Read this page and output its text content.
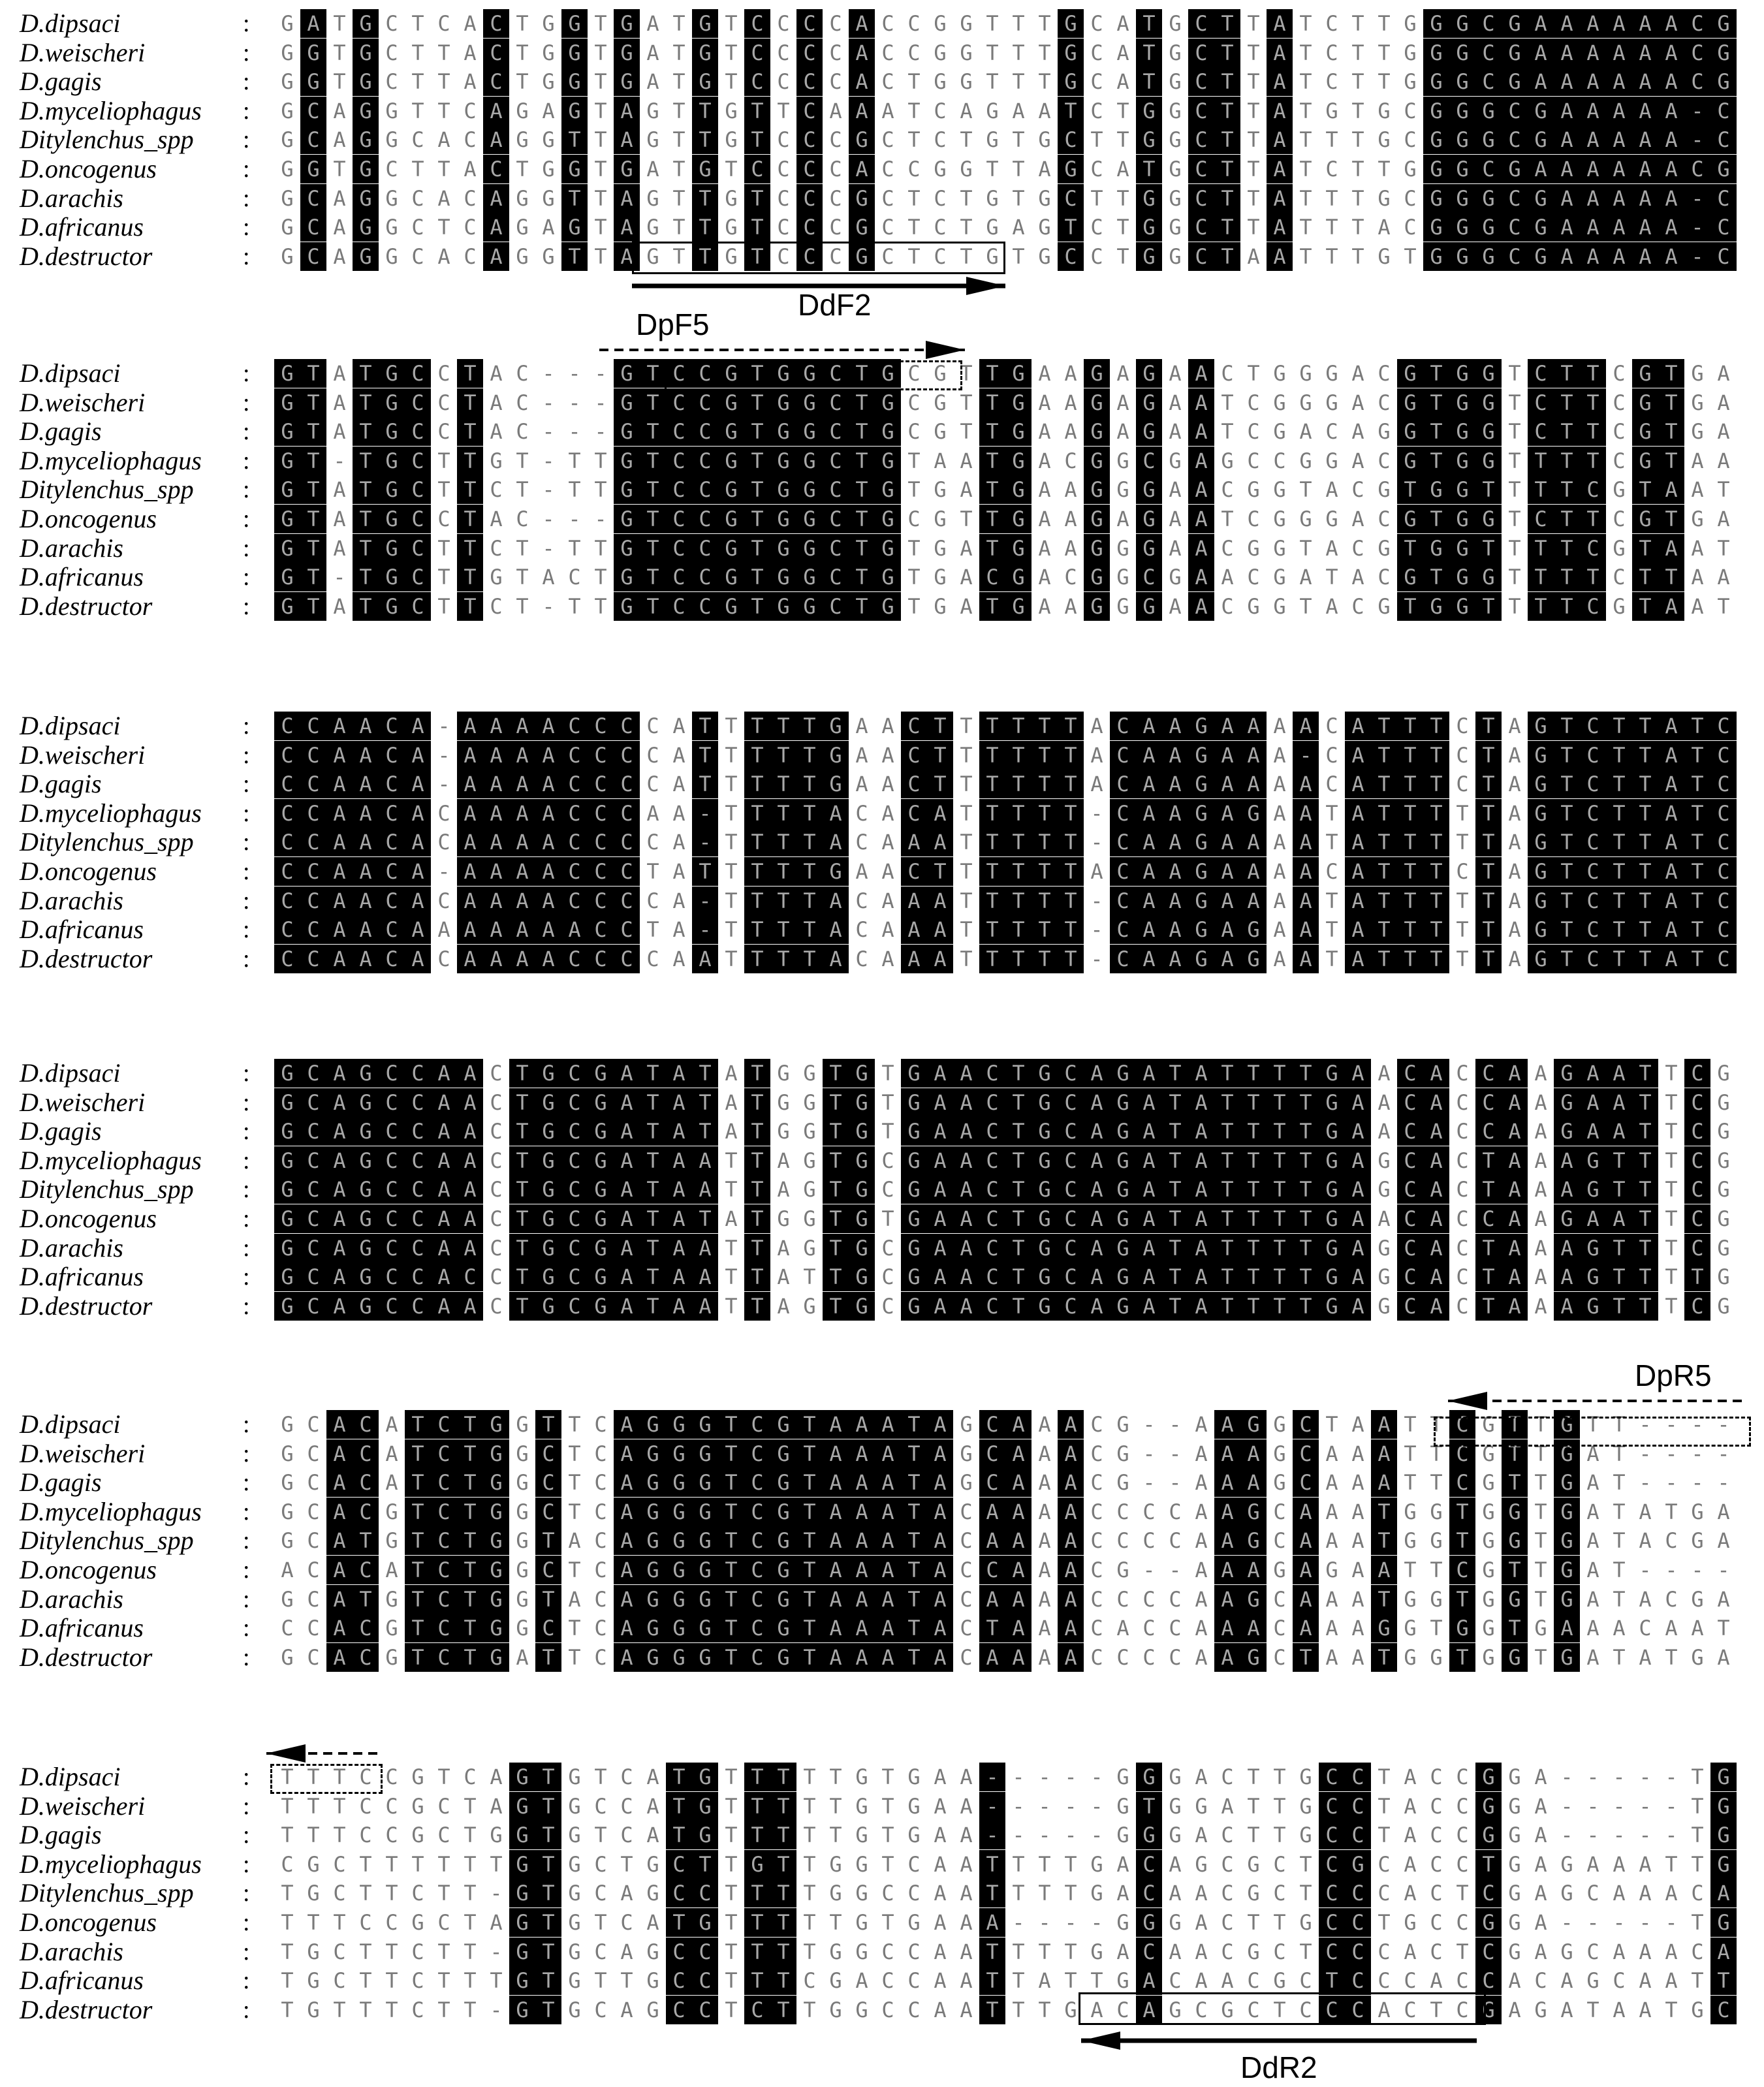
D.dipsaci	:	G A T G C T C A C T G G T G A T G T C C C C A C C G G T T T G C A T G C T T A T C T T G G G C G A A A A A A C G
D.weischeri	:	G G T G C T T A C T G G T G A T G T C C C C A C C G G T T T G C A T G C T T A T C T T G G G C G A A A A A A C G
D.gagis	:	G G T G C T T A C T G G T G A T G T C C C C A C T G G T T T G C A T G C T T A T C T T G G G C G A A A A A A C G
D.myceliophagus :	G C A G G T T C A G A G T A G T T G T T C A A A T C A G A A T C T G G C T T A T G T G C G G G C G A A A A A - C
Ditylenchus_spp :	G C A G G C A C A G G T T A G T T G T C C C G C T C T G T G C T T G G C T T A T T T G C G G G C G A A A A A - C
D.oncogenus	:	G G T G C T T A C T G G T G A T G T C C C C A C C G G T T A G C A T G C T T A T C T T G G G C G A A A A A A C G
D.arachis	:	G C A G G C A C A G G T T A G T T G T C C C G C T C T G T G C T T G G C T T A T T T G C G G G C G A A A A A - C
D.africanus	:	G C A G G C T C A G A G T A G T T G T C C C G C T C T G A G T C T G G C T T A T T T A C G G G C G A A A A A - C
D.destructor	:	G C A G G C A C A G G T T A G T T G T C C C G C T C T G T G C C T G G C T A A T T T G T G G G C G A A A A A - C
D.dipsaci	:	G T A T G C C T A C - - - G T C C G T G G C T G C G T T G A A G A G A A C T G G G A C G T G G T C T T C G T G A
D.weischeri	:	G T A T G C C T A C - - - G T C C G T G G C T G C G T T G A A G A G A A T C G G G A C G T G G T C T T C G T G A
D.gagis	:	G T A T G C C T A C - - - G T C C G T G G C T G C G T T G A A G A G A A T C G A C A G G T G G T C T T C G T G A
D.myceliophagus :	G T - T G C T T G T - T T G T C C G T G G C T G T A A T G A C G G C G A G C C G G A C G T G G T T T T C G T A A
Ditylenchus_spp :	G T A T G C T T C T - T T G T C C G T G G C T G T G A T G A A G G G A A C G G T A C G T G G T T T T C G T A A T
D.oncogenus	:	G T A T G C C T A C - - - G T C C G T G G C T G C G T T G A A G A G A A T C G G G A C G T G G T C T T C G T G A
D.arachis	:	G T A T G C T T C T - T T G T C C G T G G C T G T G A T G A A G G G A A C G G T A C G T G G T T T T C G T A A T
D.africanus	:	G T - T G C T T G T A C T G T C C G T G G C T G T G A C G A C G G C G A A C G A T A C G T G G T T T T C T T A A
D.destructor	:	G T A T G C T T C T - T T G T C C G T G G C T G T G A T G A A G G G A A C G G T A C G T G G T T T T C G T A A T
D.dipsaci	:	C C A A C A - A A A A C C C C A T T T T T G A A C T T T T T T A C A A G A A A A C A T T T C T A G T C T T A T C
D.weischeri	:	C C A A C A - A A A A C C C C A T T T T T G A A C T T T T T T A C A A G A A A - C A T T T C T A G T C T T A T C
D.gagis	:	C C A A C A - A A A A C C C C A T T T T T G A A C T T T T T T A C A A G A A A A C A T T T C T A G T C T T A T C
D.myceliophagus :	C C A A C A C A A A A C C C A A - T T T T A C A C A T T T T T - C A A G A G A A T A T T T T T A G T C T T A T C
Ditylenchus_spp :	C C A A C A C A A A A C C C C A - T T T T A C A A A T T T T T - C A A G A A A A T A T T T T T A G T C T T A T C
D.oncogenus	:	C C A A C A - A A A A C C C T A T T T T T G A A C T T T T T T A C A A G A A A A C A T T T C T A G T C T T A T C
D.arachis	:	C C A A C A C A A A A C C C C A - T T T T A C A A A T T T T T - C A A G A A A A T A T T T T T A G T C T T A T C
D.africanus	:	C C A A C A A A A A A A C C T A - T T T T A C A A A T T T T T - C A A G A G A A T A T T T T T A G T C T T A T C
D.destructor	:	C C A A C A C A A A A C C C C A A T T T T A C A A A T T T T T - C A A G A G A A T A T T T T T A G T C T T A T C
D.dipsaci	:	G C A G C C A A C T G C G A T A T A T G G T G T G A A C T G C A G A T A T T T T G A A C A C C A A G A A T T C G
D.weischeri	:	G C A G C C A A C T G C G A T A T A T G G T G T G A A C T G C A G A T A T T T T G A A C A C C A A G A A T T C G
D.gagis	:	G C A G C C A A C T G C G A T A T A T G G T G T G A A C T G C A G A T A T T T T G A A C A C C A A G A A T T C G
D.myceliophagus :	G C A G C C A A C T G C G A T A A T T A G T G C G A A C T G C A G A T A T T T T G A G C A C T A A A G T T T C G
Ditylenchus_spp :	G C A G C C A A C T G C G A T A A T T A G T G C G A A C T G C A G A T A T T T T G A G C A C T A A A G T T T C G
D.oncogenus	:	G C A G C C A A C T G C G A T A T A T G G T G T G A A C T G C A G A T A T T T T G A A C A C C A A G A A T T C G
D.arachis	:	G C A G C C A A C T G C G A T A A T T A G T G C G A A C T G C A G A T A T T T T G A G C A C T A A A G T T T C G
D.africanus	:	G C A G C C A C C T G C G A T A A T T A T T G C G A A C T G C A G A T A T T T T G A G C A C T A A A G T T T T G
D.destructor	:	G C A G C C A A C T G C G A T A A T T A G T G C G A A C T G C A G A T A T T T T G A G C A C T A A A G T T T C G
D.dipsaci	:	G C A C A T C T G G T T C A G G G T C G T A A A T A G C A A A C G - - A A G G C T A A T T C G T T G T T - - - -
D.weischeri	:	G C A C A T C T G G C T C A G G G T C G T A A A T A G C A A A C G - - A A A G C A A A T T C G T T G A T - - - -
D.gagis	:	G C A C A T C T G G C T C A G G G T C G T A A A T A G C A A A C G - - A A A G C A A A T T C G T T G A T - - - -
D.myceliophagus :	G C A C G T C T G G C T C A G G G T C G T A A A T A C A A A A C C C C A A G C A A A T G G T G G T G A T A T G A
Ditylenchus_spp :	G C A T G T C T G G T A C A G G G T C G T A A A T A C A A A A C C C C A A G C A A A T G G T G G T G A T A C G A
D.oncogenus	:	A C A C A T C T G G C T C A G G G T C G T A A A T A C C A A A C G - - A A A G A G A A T T C G T T G A T - - - -
D.arachis	:	G C A T G T C T G G T A C A G G G T C G T A A A T A C A A A A C C C C A A G C A A A T G G T G G T G A T A C G A
D.africanus	:	C C A C G T C T G G C T C A G G G T C G T A A A T A C T A A A C A C C A A A C A A A G G T G G T G A A A C A A T
D.destructor	:	G C A C G T C T G A T T C A G G G T C G T A A A T A C A A A A C C C C A A G C T A A T G G T G G T G A T A T G A
D.dipsaci	:	T T T C C G T C A G T G T C A T G T T T T T G T G A A - - - - - G G G A C T T G C C T A C C G G A - - - - - T G
D.weischeri	:	T T T C C G C T A G T G C C A T G T T T T T G T G A A - - - - - G T G G A T T G C C T A C C G G A - - - - - T G
D.gagis	:	T T T C C G C T G G T G T C A T G T T T T T G T G A A - - - - - G G G A C T T G C C T A C C G G A - - - - - T G
D.myceliophagus :	C G C T T T T T T G T G C T G C T T G T T G G T C A A T T T T G A C A G C G C T C G C A C C T G A G A A A T T G
Ditylenchus_spp :	T G C T T C T T - G T G C A G C C T T T T G G C C A A T T T T G A C A A C G C T C C C A C T C G A G C A A A C A
D.oncogenus	:	T T T C C G C T A G T G T C A T G T T T T T G T G A A A - - - - G G G A C T T G C C T G C C G G A - - - - - T G
D.arachis	:	T G C T T C T T - G T G C A G C C T T T T G G C C A A T T T T G A C A A C G C T C C C A C T C G A G C A A A C A
D.africanus	:	T G C T T C T T T G T G T T G C C T T T C G A C C A A T T A T T G A C A A C G C T C C C A C C A C A G C A A T T
D.destructor	:	T G T T T C T T - G T G C A G C C T C T T G G C C A A T T T G A C A G C G C T C C C A C T C G A G A T A A T G C
DdF2
DpF5
DpR5
DdR2
